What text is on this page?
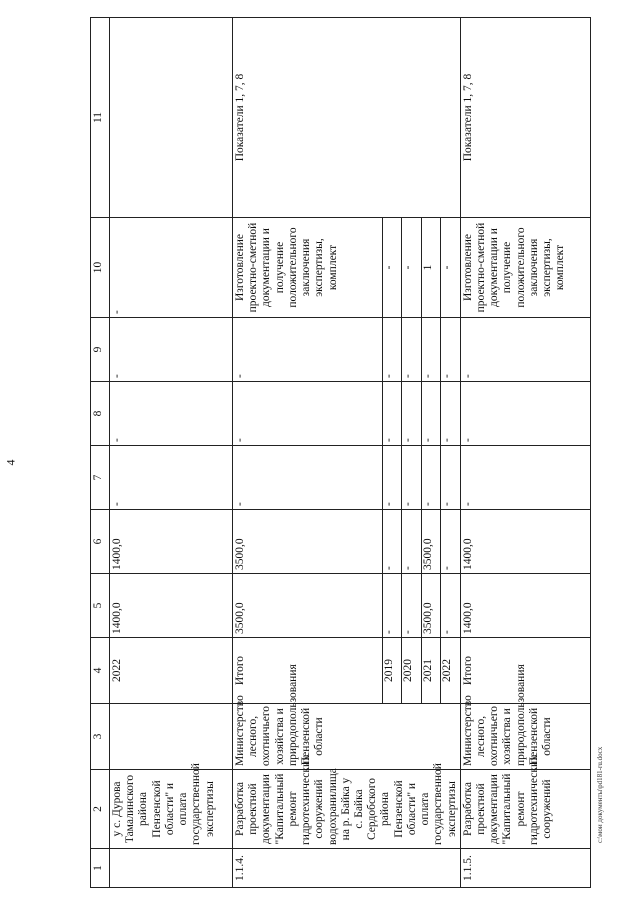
4
c:\мои документы\pd181-ru.docx
1	2	3	4	5	6	7	8	9	10	11
	у с. Дурова Тамалинского района Пензенской области" и оплата государственной экспертизы		2022	1400,0	1400,0	-	-	-	-	
1.1.4.	Разработка проектной документации "Капитальный ремонт гидротехнических сооружений водохранилища на р. Байка у с. Байка Сердобского района Пензенской области" и оплата государственной экспертизы	Министерство лесного, охотничьего хозяйства и природопользования Пензенской области	Итого	3500,0	3500,0	-	-	-	Изготовление проектно-сметной документации и получение положительного заключения экспертизы, комплект	Показатели 1, 7, 8
			2019	-	-	-	-	-	-	
			2020	-	-	-	-	-	-	
			2021	3500,0	3500,0	-	-	-	1	
			2022	-	-	-	-	-	-	
1.1.5.	Разработка проектной документации "Капитальный ремонт гидротехнических сооружений	Министерство лесного, охотничьего хозяйства и природопользования Пензенской области	Итого	1400,0	1400,0	-	-	-	Изготовление проектно-сметной документации и получение положительного заключения экспертизы, комплект	Показатели 1, 7, 8
